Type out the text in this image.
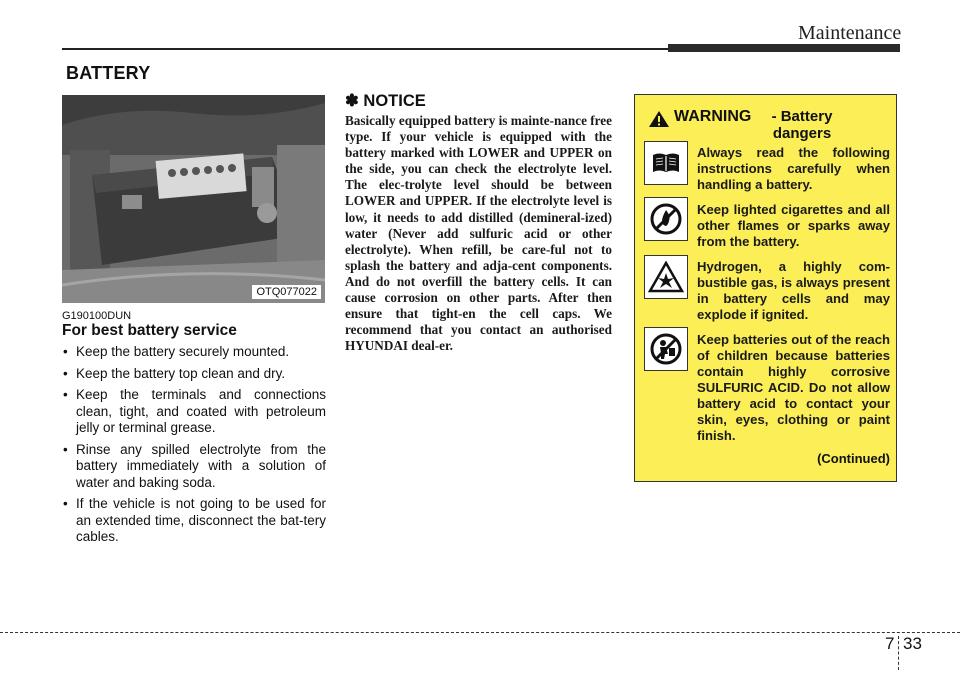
Maintenance
BATTERY
OTQ077022
G190100DUN
For best battery service
• Keep the battery securely mounted.
• Keep the battery top clean and dry.
• Keep the terminals and connections clean, tight, and coated with petroleum jelly or terminal grease.
• Rinse any spilled electrolyte from the battery immediately with a solution of water and baking soda.
• If the vehicle is not going to be used for an extended time, disconnect the bat-tery cables.
✽ NOTICE
Basically equipped battery is mainte-nance free type. If your vehicle is equipped with the battery marked with LOWER and UPPER on the side, you can check the electrolyte level. The elec-trolyte level should be between LOWER and UPPER. If the electrolyte level is low, it needs to add distilled (demineral-ized) water (Never add sulfuric acid or other electrolyte). When refill, be care-ful not to splash the battery and adja-cent components. And do not overfill the battery cells. It can cause corrosion on other parts. After then ensure that tight-en the cell caps. We recommend that you contact an authorised HYUNDAI deal-er.
WARNING	- Battery dangers
Always read the following instructions carefully when handling a battery.
Keep lighted cigarettes and all other flames or sparks away from the battery.
Hydrogen, a highly com-bustible gas, is always present in battery cells and may explode if ignited.
Keep batteries out of the reach of children because batteries contain highly corrosive SULFURIC ACID. Do not allow battery acid to contact your skin, eyes, clothing or paint finish.
(Continued)
7 33
